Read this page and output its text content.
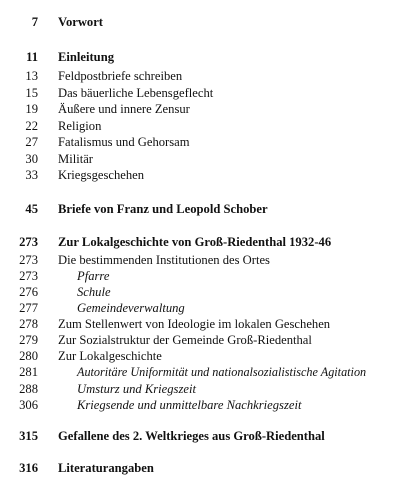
7 Vorwort
11 Einleitung
13 Feldpostbriefe schreiben
15 Das bäuerliche Lebensgeflecht
19 Äußere und innere Zensur
22 Religion
27 Fatalismus und Gehorsam
30 Militär
33 Kriegsgeschehen
45 Briefe von Franz und Leopold Schober
273 Zur Lokalgeschichte von Groß-Riedenthal 1932-46
273 Die bestimmenden Institutionen des Ortes
273	Pfarre
276	Schule
277	Gemeindeverwaltung
278 Zum Stellenwert von Ideologie im lokalen Geschehen
279 Zur Sozialstruktur der Gemeinde Groß-Riedenthal
280 Zur Lokalgeschichte
281	Autoritäre Uniformität und nationalsozialistische Agitation
288	Umsturz und Kriegszeit
306	Kriegsende und unmittelbare Nachkriegszeit
315 Gefallene des 2. Weltkrieges aus Groß-Riedenthal
316 Literaturangaben
